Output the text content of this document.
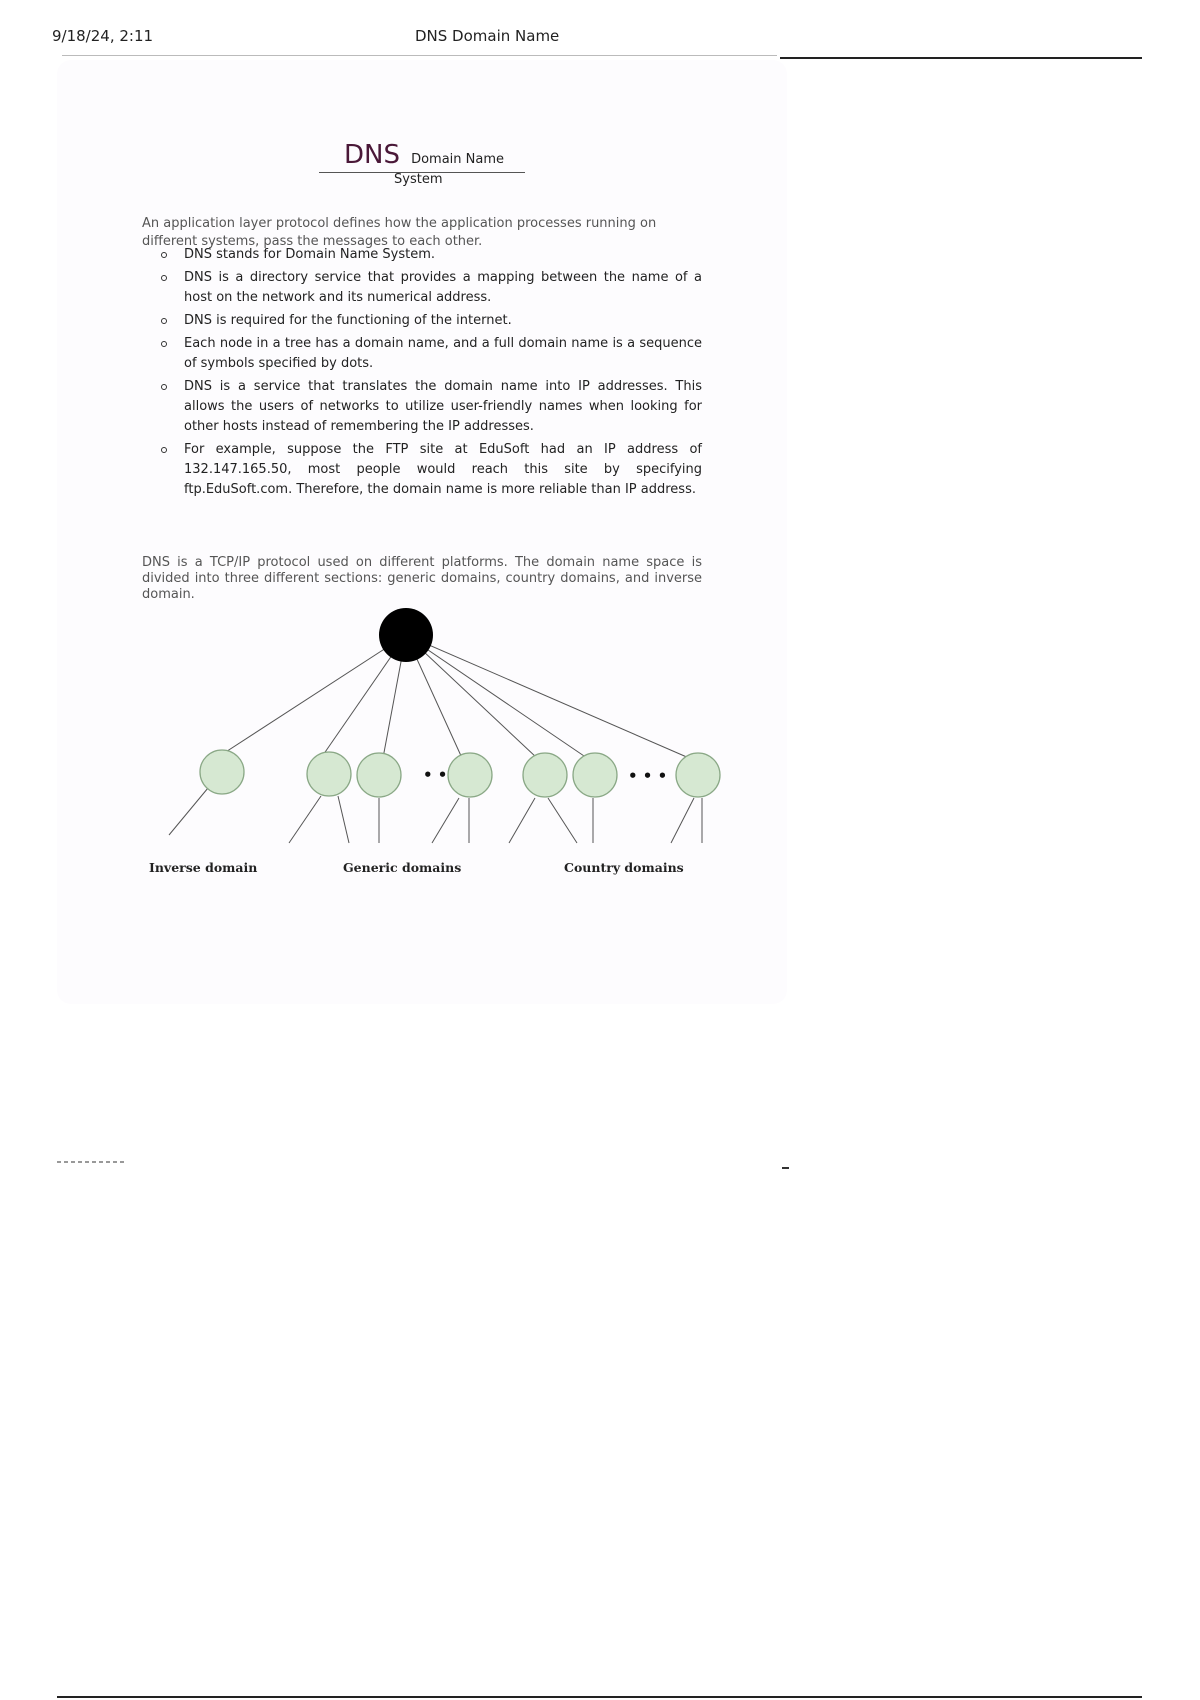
9/18/24, 2:11	DNS Domain Name
DNS Domain Name
System

An application layer protocol defines how the application processes running on different systems, pass the messages to each other.

DNS stands for Domain Name System.
DNS is a directory service that provides a mapping between the name of a host on the network and its numerical address.
DNS is required for the functioning of the internet.
Each node in a tree has a domain name, and a full domain name is a sequence of symbols specified by dots.
DNS is a service that translates the domain name into IP addresses. This allows the users of networks to utilize user-friendly names when looking for other hosts instead of remembering the IP addresses.
For example, suppose the FTP site at EduSoft had an IP address of 132.147.165.50, most people would reach this site by specifying ftp.EduSoft.com. Therefore, the domain name is more reliable than IP address.

DNS is a TCP/IP protocol used on different platforms. The domain name space is divided into three different sections: generic domains, country domains, and inverse domain.

• •	• • •
Inverse domain	Generic domains	Country domains
